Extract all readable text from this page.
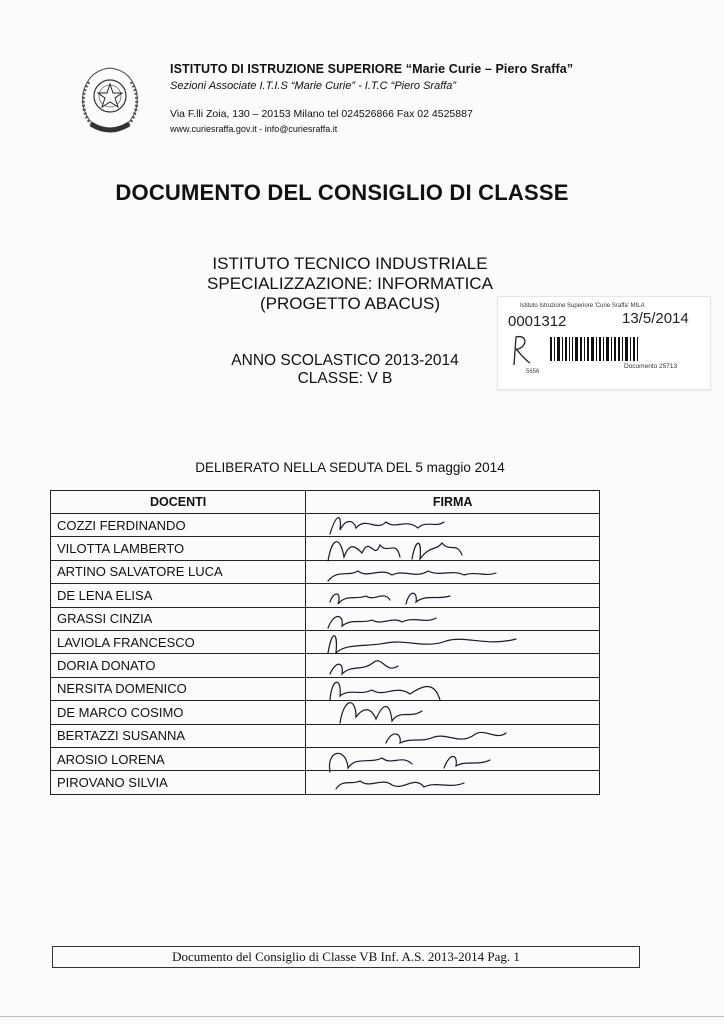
ISTITUTO DI ISTRUZIONE SUPERIORE “Marie Curie – Piero Sraffa”
Sezioni Associate I.T.I.S “Marie Curie” - I.T.C “Piero Sraffa”
Via F.lli Zoia, 130 – 20153 Milano tel 024526866 Fax 02 4525887
www.curiesraffa.gov.it - info@curiesraffa.it
DOCUMENTO DEL CONSIGLIO DI CLASSE
ISTITUTO TECNICO INDUSTRIALE
SPECIALIZZAZIONE: INFORMATICA
(PROGETTO ABACUS)
ANNO SCOLASTICO 2013-2014
CLASSE: V B
Istituto Istruzione Superiore 'Curie Sraffa' MILA
0001312	13/5/2014
5656
Documento 25713
DELIBERATO NELLA SEDUTA DEL 5 maggio 2014
DOCENTI	FIRMA
COZZI FERDINANDO	

VILOTTA LAMBERTO	

ARTINO SALVATORE LUCA	

DE LENA ELISA	

GRASSI CINZIA	

LAVIOLA FRANCESCO	

DORIA DONATO	

NERSITA DOMENICO	

DE MARCO COSIMO	

BERTAZZI SUSANNA	

AROSIO LORENA	

PIROVANO SILVIA	
Documento del Consiglio di Classe VB Inf. A.S. 2013-2014 Pag. 1
